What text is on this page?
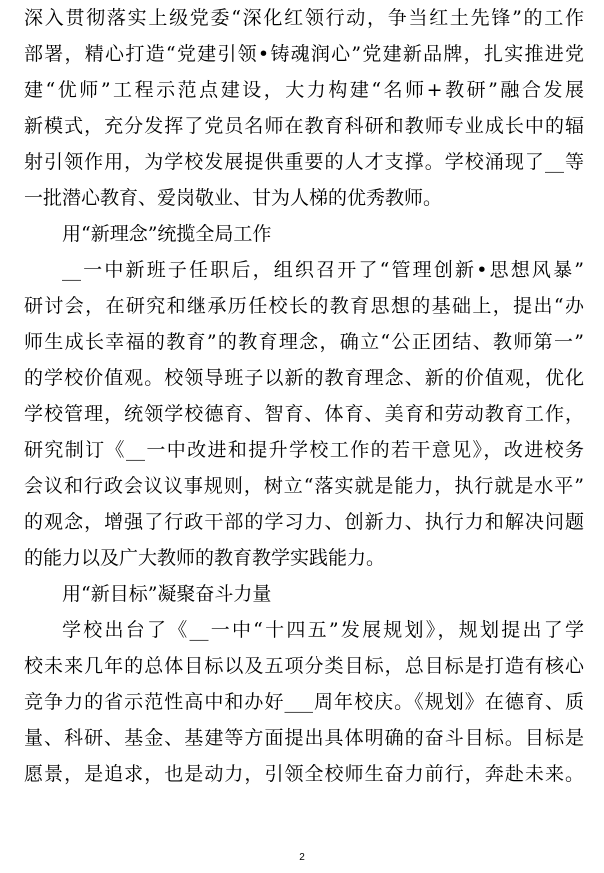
深入贯彻落实上级党委“深化红领行动，争当红土先锋”的工作
部署，精心打造“党建引领•铸魂润心”党建新品牌，扎实推进党
建“优师”工程示范点建设，大力构建“名师+教研”融合发展
新模式，充分发挥了党员名师在教育科研和教师专业成长中的辐
射引领作用，为学校发展提供重要的人才支撑。学校涌现了__等
一批潜心教育、爱岗敬业、甘为人梯的优秀教师。
用“新理念”统揽全局工作
__一中新班子任职后，组织召开了“管理创新•思想风暴”
研讨会，在研究和继承历任校长的教育思想的基础上，提出“办
师生成长幸福的教育”的教育理念，确立“公正团结、教师第一”
的学校价值观。校领导班子以新的教育理念、新的价值观，优化
学校管理，统领学校德育、智育、体育、美育和劳动教育工作，
研究制订《__一中改进和提升学校工作的若干意见》，改进校务
会议和行政会议议事规则，树立“落实就是能力，执行就是水平”
的观念，增强了行政干部的学习力、创新力、执行力和解决问题
的能力以及广大教师的教育教学实践能力。
用“新目标”凝聚奋斗力量
学校出台了《__一中“十四五”发展规划》，规划提出了学
校未来几年的总体目标以及五项分类目标，总目标是打造有核心
竞争力的省示范性高中和办好___周年校庆。《规划》在德育、质
量、科研、基金、基建等方面提出具体明确的奋斗目标。目标是
愿景，是追求，也是动力，引领全校师生奋力前行，奔赴未来。
2
